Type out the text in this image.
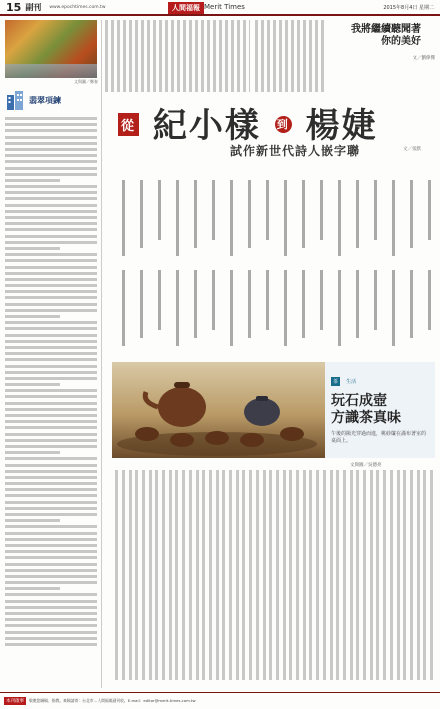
15 副刊 www.epochtimes.com.tw	人間福報 Merit Times	2015年8月4日 星期二
文與圖／鄭春
翡翠項鍊
我將繼續聽聞著
你的美好
文／劉偉傑
從 紀小樣 到 楊婕
試作新世代詩人嵌字聯	文／張默
茶 生活
玩石成壺
方識茶真味
午後的陽光穿過而進，桃紗簾在滿布著室的桌面上。
文與圖／吳德亮
本刊啟事	敬邀您賜稿、指教。來稿請寄：台北市…人間福報副刊收。E-mail：editor@merit-times.com.tw
